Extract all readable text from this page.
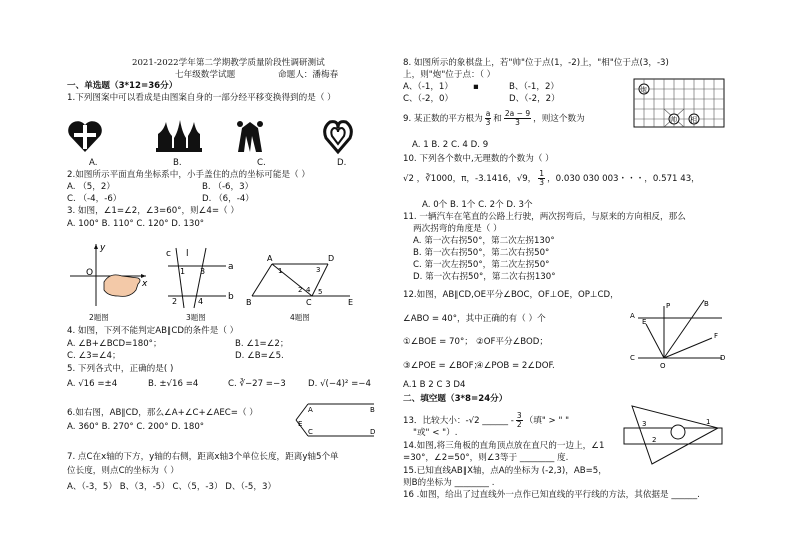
2021-2022学年第二学期教学质量阶段性调研测试
七年级数学试题	命题人：潘梅春
一、单选题（3*12=36分）
1.下列图案中可以看成是由图案自身的一部分经平移变换得到的是（ ）
A.	B.	C.	D.
2.如图所示平面直角坐标系中，小手盖住的点的坐标可能是（ ）
A. （5，2）	B. （-6，3）
C. （-4，-6）	D. （6，-4）
3. 如图，∠1=∠2，∠3=60°，则∠4=（ ）
A. 100° B. 110° C. 120° D. 130°
y
x
O
c l
a
b
1
2
3
4
A	D
B	C	E
1
2
3
4 5
2题图	3题图	4题图
4. 如图，下列不能判定AB∥CD的条件是（ ）
A. ∠B+∠BCD=180°；	B. ∠1=∠2；
C. ∠3=∠4；	D. ∠B=∠5.
5. 下列各式中，正确的是( )
A. √16 =±4	B. ±√16 =4	C. ∛−27 =−3	D. √(−4)² =−4
6.如右图，AB∥CD，那么∠A+∠C+∠AEC=（ ）
A. 360° B. 270° C. 200° D. 180°
A	B
E
C	D
7. 点C在x轴的下方，y轴的右侧，距离x轴3个单位长度，距离y轴5个单
位长度，则点C的坐标为（ ）
A、（-3，5） B、（3，-5） C、（5，-3） D、（-5，3）
8. 如图所示的象棋盘上，若"帅"位于点(1，-2)上，"相"位于点(3，-3)
上，则"炮"位于点：（ ）
A、（-1，1） ▪	B、（-1，2）
C、（-2，0）	D、（-2，2）
炮
帅 相
9. 某正数的平方根为 $\frac{a}{3}$ 和 $\frac{2a - 9}{3}$ ，则这个数为
A. 1 B. 2 C. 4 D. 9
10. 下列各个数中,无理数的个数为（ ）
√2 ，∛1000，π，-3.1416，√9， $\frac{1}{3}$ ，0.030 030 003・・・，0.571 43，
A. 0个 B. 1个 C. 2个 D. 3个
11. 一辆汽车在笔直的公路上行驶，两次拐弯后，与原来的方向相反，那么
两次拐弯的角度是（ ）
A. 第一次右拐50°，第二次左拐130°
B. 第一次右拐50°，第二次右拐50°
C. 第一次左拐50°，第二次左拐50°
D. 第一次右拐50°，第二次右拐130°
12.如图，AB∥CD,OE平分∠BOC，OF⊥OE，OP⊥CD，
∠ABO = 40°，其中正确的有（ ）个
①∠BOE = 70°； ②OF平分∠BOD；
③∠POE = ∠BOF；
④∠POB = 2∠DOF.
A.1 B 2 C 3 D4
A
B
E
P
F
C
O
D
二、填空题（3*8=24分）
13．比较大小：-√2 ______ - $\frac{3}{2}$ （填" > " "
"或" < "）.
14.如图,将三角板的直角顶点放在直尺的一边上，∠1
=30°，∠2=50°，则∠3等于 ________ 度.
15.已知直线AB∥X轴，点A的坐标为 (-2,3)，AB=5，
则B的坐标为 ________ .
16 .如图，给出了过直线外一点作已知直线的平行线的方法，其依据是 ______.
1
2
3
